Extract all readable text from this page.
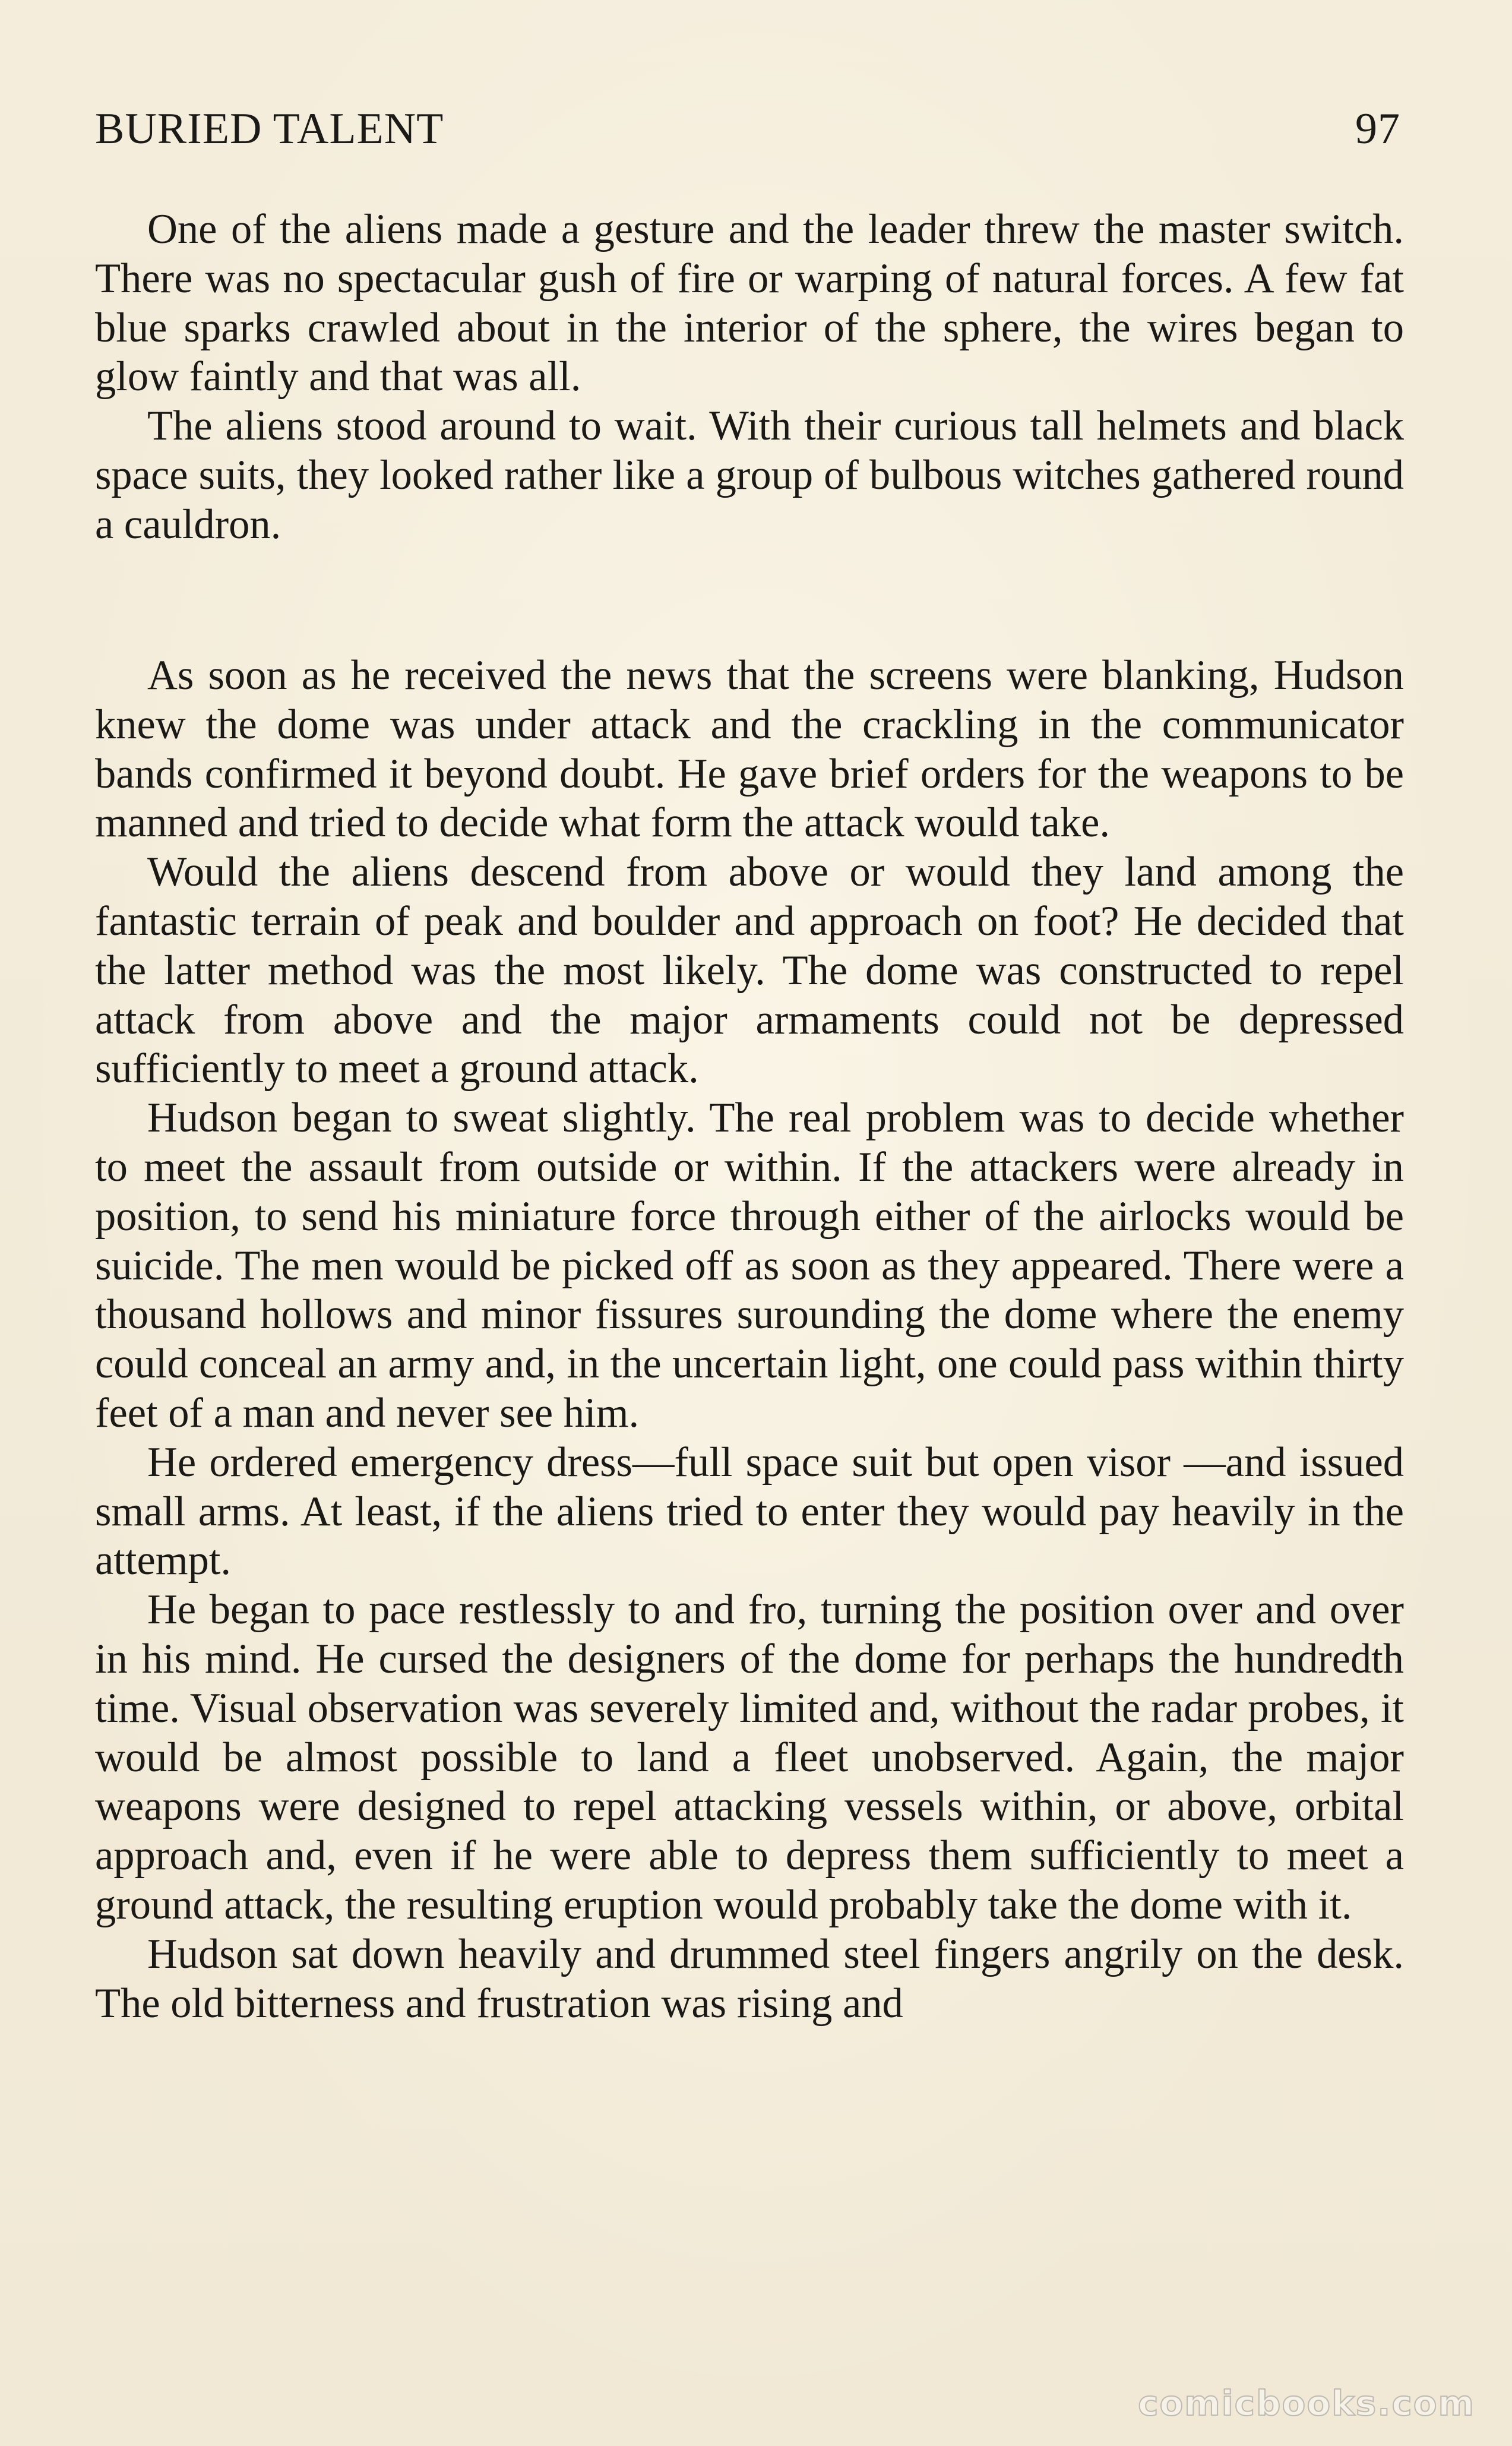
BURIED TALENT	97

One of the aliens made a gesture and the leader threw the master switch. There was no spectacular gush of fire or warping of natural forces. A few fat blue sparks crawled about in the interior of the sphere, the wires began to glow faintly and that was all.

The aliens stood around to wait. With their curious tall helmets and black space suits, they looked rather like a group of bulbous witches gathered round a cauldron.

As soon as he received the news that the screens were blanking, Hudson knew the dome was under attack and the crackling in the communicator bands confirmed it beyond doubt. He gave brief orders for the weapons to be manned and tried to decide what form the attack would take.

Would the aliens descend from above or would they land among the fantastic terrain of peak and boulder and approach on foot? He decided that the latter method was the most likely. The dome was constructed to repel attack from above and the major armaments could not be depressed sufficiently to meet a ground attack.

Hudson began to sweat slightly. The real problem was to decide whether to meet the assault from outside or within. If the attackers were already in position, to send his miniature force through either of the airlocks would be suicide. The men would be picked off as soon as they appeared. There were a thousand hollows and minor fissures surounding the dome where the enemy could conceal an army and, in the uncertain light, one could pass within thirty feet of a man and never see him.

He ordered emergency dress—full space suit but open visor —and issued small arms. At least, if the aliens tried to enter they would pay heavily in the attempt.

He began to pace restlessly to and fro, turning the position over and over in his mind. He cursed the designers of the dome for perhaps the hundredth time. Visual observation was severely limited and, without the radar probes, it would be almost possible to land a fleet unobserved. Again, the major weapons were designed to repel attacking vessels within, or above, orbital approach and, even if he were able to depress them sufficiently to meet a ground attack, the resulting eruption would probably take the dome with it.

Hudson sat down heavily and drummed steel fingers angrily on the desk. The old bitterness and frustration was rising and

comicbooks.com
